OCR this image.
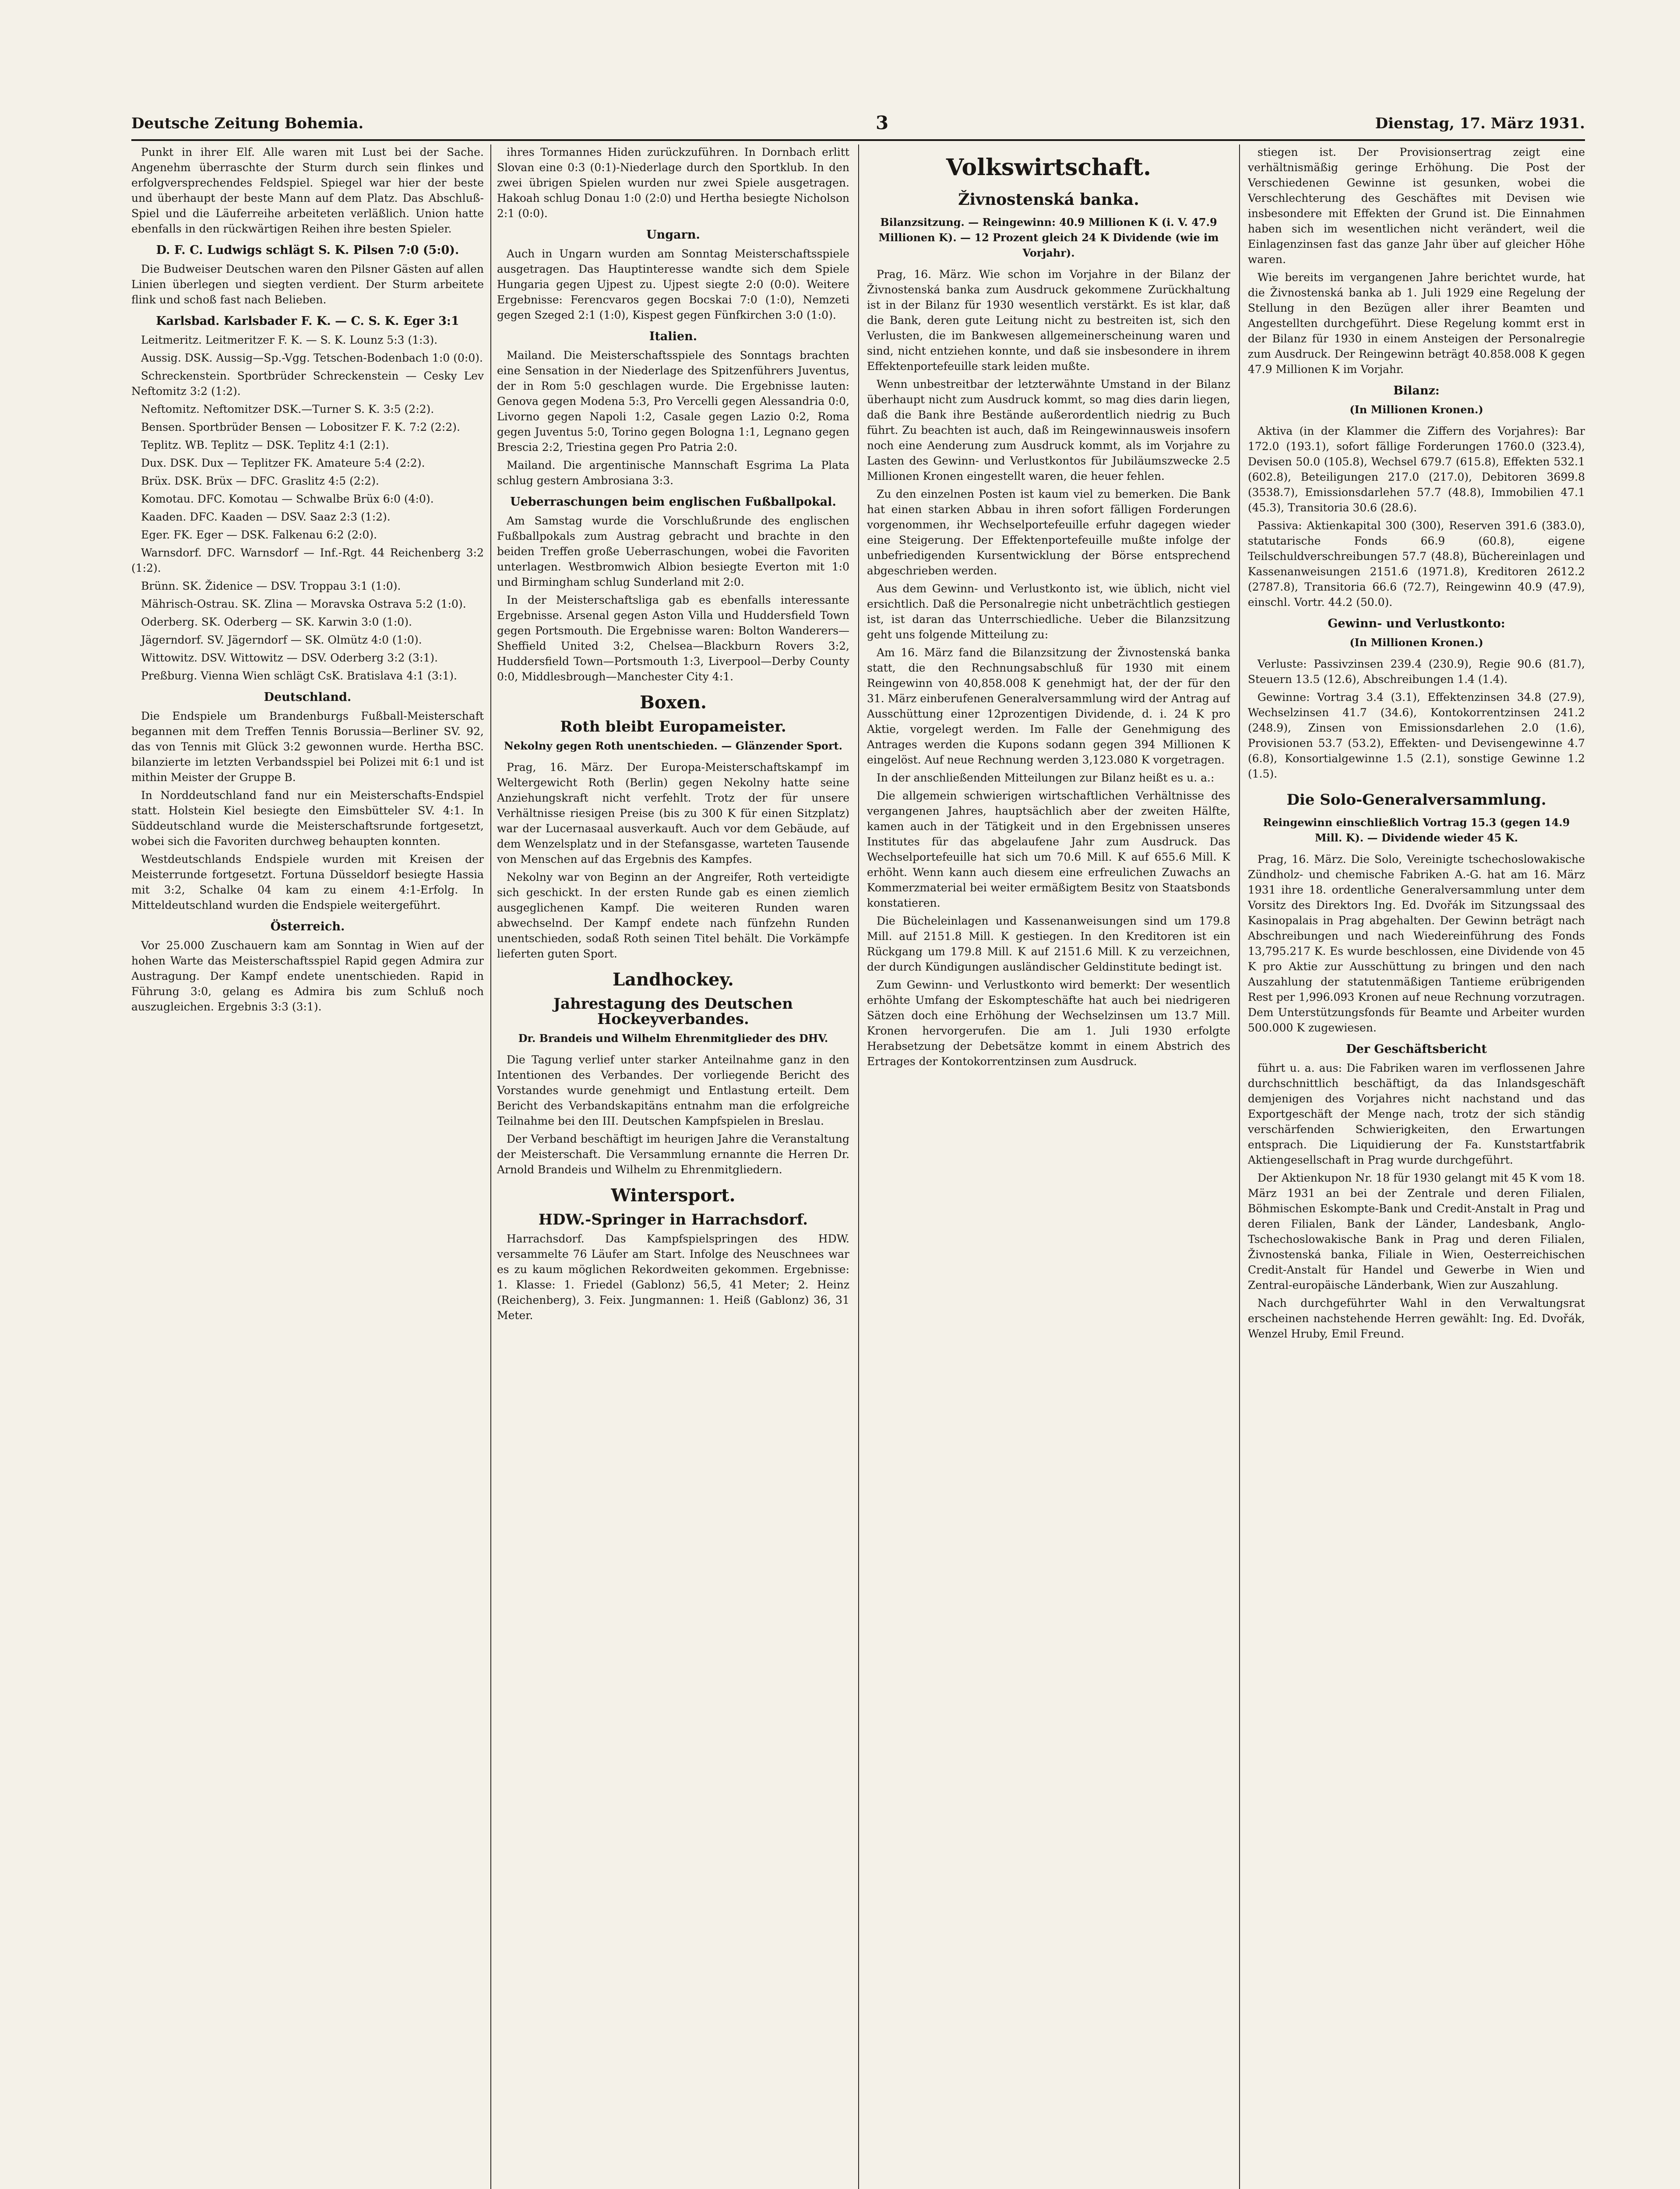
Deutsche Zeitung Bohemia.	3	Dienstag, 17. März 1931.

Punkt in ihrer Elf. Alle waren mit Lust bei der Sache. Angenehm überraschte der Sturm durch sein flinkes und erfolgversprechendes Feldspiel. Spiegel war hier der beste und überhaupt der beste Mann auf dem Platz. Das Abschluß-Spiel und die Läuferreihe arbeiteten verläßlich. Union hatte ebenfalls in den rückwärtigen Reihen ihre besten Spieler.

D. F. C. Ludwigs schlägt S. K. Pilsen 7:0 (5:0).

Die Budweiser Deutschen waren den Pilsner Gästen auf allen Linien überlegen und siegten verdient. Der Sturm arbeitete flink und schoß fast nach Belieben.

Karlsbad. Karlsbader F. K. — C. S. K. Eger 3:1

Leitmeritz. Leitmeritzer F. K. — S. K. Lounz 5:3 (1:3).

Aussig. DSK. Aussig—Sp.-Vgg. Tetschen-Bodenbach 1:0 (0:0).

Schreckenstein. Sportbrüder Schreckenstein — Cesky Lev Neftomitz 3:2 (1:2).

Neftomitz. Neftomitzer DSK.—Turner S. K. 3:5 (2:2).

Bensen. Sportbrüder Bensen — Lobositzer F. K. 7:2 (2:2).

Teplitz. WB. Teplitz — DSK. Teplitz 4:1 (2:1).

Dux. DSK. Dux — Teplitzer FK. Amateure 5:4 (2:2).

Brüx. DSK. Brüx — DFC. Graslitz 4:5 (2:2).

Komotau. DFC. Komotau — Schwalbe Brüx 6:0 (4:0).

Kaaden. DFC. Kaaden — DSV. Saaz 2:3 (1:2).

Eger. FK. Eger — DSK. Falkenau 6:2 (2:0).

Warnsdorf. DFC. Warnsdorf — Inf.-Rgt. 44 Reichenberg 3:2 (1:2).

Brünn. SK. Židenice — DSV. Troppau 3:1 (1:0).

Mährisch-Ostrau. SK. Zlina — Moravska Ostrava 5:2 (1:0).

Oderberg. SK. Oderberg — SK. Karwin 3:0 (1:0).

Jägerndorf. SV. Jägerndorf — SK. Olmütz 4:0 (1:0).

Wittowitz. DSV. Wittowitz — DSV. Oderberg 3:2 (3:1).

Preßburg. Vienna Wien schlägt CsK. Bratislava 4:1 (3:1).

Deutschland.

Die Endspiele um Brandenburgs Fußball-Meisterschaft begannen mit dem Treffen Tennis Borussia—Berliner SV. 92, das von Tennis mit Glück 3:2 gewonnen wurde. Hertha BSC. bilanzierte im letzten Verbandsspiel bei Polizei mit 6:1 und ist mithin Meister der Gruppe B.

In Norddeutschland fand nur ein Meisterschafts-Endspiel statt. Holstein Kiel besiegte den Eimsbütteler SV. 4:1. In Süddeutschland wurde die Meisterschaftsrunde fortgesetzt, wobei sich die Favoriten durchweg behaupten konnten.

Westdeutschlands Endspiele wurden mit Kreisen der Meisterrunde fortgesetzt. Fortuna Düsseldorf besiegte Hassia mit 3:2, Schalke 04 kam zu einem 4:1-Erfolg. In Mitteldeutschland wurden die Endspiele weitergeführt.

Österreich.

Vor 25.000 Zuschauern kam am Sonntag in Wien auf der hohen Warte das Meisterschaftsspiel Rapid gegen Admira zur Austragung. Der Kampf endete unentschieden. Rapid in Führung 3:0, gelang es Admira bis zum Schluß noch auszugleichen. Ergebnis 3:3 (3:1).

ihres Tormannes Hiden zurückzuführen. In Dornbach erlitt Slovan eine 0:3 (0:1)-Niederlage durch den Sportklub. In den zwei übrigen Spielen wurden nur zwei Spiele ausgetragen. Hakoah schlug Donau 1:0 (2:0) und Hertha besiegte Nicholson 2:1 (0:0).

Ungarn.

Auch in Ungarn wurden am Sonntag Meisterschaftsspiele ausgetragen. Das Hauptinteresse wandte sich dem Spiele Hungaria gegen Ujpest zu. Ujpest siegte 2:0 (0:0). Weitere Ergebnisse: Ferencvaros gegen Bocskai 7:0 (1:0), Nemzeti gegen Szeged 2:1 (1:0), Kispest gegen Fünfkirchen 3:0 (1:0).

Italien.

Mailand. Die Meisterschaftsspiele des Sonntags brachten eine Sensation in der Niederlage des Spitzenführers Juventus, der in Rom 5:0 geschlagen wurde. Die Ergebnisse lauten: Genova gegen Modena 5:3, Pro Vercelli gegen Alessandria 0:0, Livorno gegen Napoli 1:2, Casale gegen Lazio 0:2, Roma gegen Juventus 5:0, Torino gegen Bologna 1:1, Legnano gegen Brescia 2:2, Triestina gegen Pro Patria 2:0.

Mailand. Die argentinische Mannschaft Esgrima La Plata schlug gestern Ambrosiana 3:3.

Ueberraschungen beim englischen Fußballpokal.

Am Samstag wurde die Vorschlußrunde des englischen Fußballpokals zum Austrag gebracht und brachte in den beiden Treffen große Ueberraschungen, wobei die Favoriten unterlagen. Westbromwich Albion besiegte Everton mit 1:0 und Birmingham schlug Sunderland mit 2:0.

In der Meisterschaftsliga gab es ebenfalls interessante Ergebnisse. Arsenal gegen Aston Villa und Huddersfield Town gegen Portsmouth. Die Ergebnisse waren: Bolton Wanderers—Sheffield United 3:2, Chelsea—Blackburn Rovers 3:2, Huddersfield Town—Portsmouth 1:3, Liverpool—Derby County 0:0, Middlesbrough—Manchester City 4:1.

Boxen.
Roth bleibt Europameister.
Nekolny gegen Roth unentschieden. — Glänzender Sport.

Prag, 16. März. Der Europa-Meisterschaftskampf im Weltergewicht Roth (Berlin) gegen Nekolny hatte seine Anziehungskraft nicht verfehlt. Trotz der für unsere Verhältnisse riesigen Preise (bis zu 300 K für einen Sitzplatz) war der Lucernasaal ausverkauft. Auch vor dem Gebäude, auf dem Wenzelsplatz und in der Stefansgasse, warteten Tausende von Menschen auf das Ergebnis des Kampfes.

Nekolny war von Beginn an der Angreifer, Roth verteidigte sich geschickt. In der ersten Runde gab es einen ziemlich ausgeglichenen Kampf. Die weiteren Runden waren abwechselnd. Der Kampf endete nach fünfzehn Runden unentschieden, sodaß Roth seinen Titel behält. Die Vorkämpfe lieferten guten Sport.

Landhockey.
Jahrestagung des Deutschen Hockeyverbandes.
Dr. Brandeis und Wilhelm Ehrenmitglieder des DHV.

Die Tagung verlief unter starker Anteilnahme ganz in den Intentionen des Verbandes. Der vorliegende Bericht des Vorstandes wurde genehmigt und Entlastung erteilt. Dem Bericht des Verbandskapitäns entnahm man die erfolgreiche Teilnahme bei den III. Deutschen Kampfspielen in Breslau.

Der Verband beschäftigt im heurigen Jahre die Veranstaltung der Meisterschaft. Die Versammlung ernannte die Herren Dr. Arnold Brandeis und Wilhelm zu Ehrenmitgliedern.

Wintersport.
HDW.-Springer in Harrachsdorf.

Harrachsdorf. Das Kampfspielspringen des HDW. versammelte 76 Läufer am Start. Infolge des Neuschnees war es zu kaum möglichen Rekordweiten gekommen. Ergebnisse: 1. Klasse: 1. Friedel (Gablonz) 56,5, 41 Meter; 2. Heinz (Reichenberg), 3. Feix. Jungmannen: 1. Heiß (Gablonz) 36, 31 Meter.

Volkswirtschaft.
Živnostenská banka.
Bilanzsitzung. — Reingewinn: 40.9 Millionen K (i. V. 47.9 Millionen K). — 12 Prozent gleich 24 K Dividende (wie im Vorjahr).

Prag, 16. März. Wie schon im Vorjahre in der Bilanz der Živnostenská banka zum Ausdruck gekommene Zurückhaltung ist in der Bilanz für 1930 wesentlich verstärkt. Es ist klar, daß die Bank, deren gute Leitung nicht zu bestreiten ist, sich den Verlusten, die im Bankwesen allgemeinerscheinung waren und sind, nicht entziehen konnte, und daß sie insbesondere in ihrem Effektenportefeuille stark leiden mußte.

Wenn unbestreitbar der letzterwähnte Umstand in der Bilanz überhaupt nicht zum Ausdruck kommt, so mag dies darin liegen, daß die Bank ihre Bestände außerordentlich niedrig zu Buch führt. Zu beachten ist auch, daß im Reingewinnausweis insofern noch eine Aenderung zum Ausdruck kommt, als im Vorjahre zu Lasten des Gewinn- und Verlustkontos für Jubiläumszwecke 2.5 Millionen Kronen eingestellt waren, die heuer fehlen.

Zu den einzelnen Posten ist kaum viel zu bemerken. Die Bank hat einen starken Abbau in ihren sofort fälligen Forderungen vorgenommen, ihr Wechselportefeuille erfuhr dagegen wieder eine Steigerung. Der Effektenportefeuille mußte infolge der unbefriedigenden Kursentwicklung der Börse entsprechend abgeschrieben werden.

Aus dem Gewinn- und Verlustkonto ist, wie üblich, nicht viel ersichtlich. Daß die Personalregie nicht unbeträchtlich gestiegen ist, ist daran das Unterrschiedliche. Ueber die Bilanzsitzung geht uns folgende Mitteilung zu:

Am 16. März fand die Bilanzsitzung der Živnostenská banka statt, die den Rechnungsabschluß für 1930 mit einem Reingewinn von 40,858.008 K genehmigt hat, der der für den 31. März einberufenen Generalversammlung wird der Antrag auf Ausschüttung einer 12prozentigen Dividende, d. i. 24 K pro Aktie, vorgelegt werden. Im Falle der Genehmigung des Antrages werden die Kupons sodann gegen 394 Millionen K eingelöst. Auf neue Rechnung werden 3,123.080 K vorgetragen.

In der anschließenden Mitteilungen zur Bilanz heißt es u. a.:

Die allgemein schwierigen wirtschaftlichen Verhältnisse des vergangenen Jahres, hauptsächlich aber der zweiten Hälfte, kamen auch in der Tätigkeit und in den Ergebnissen unseres Institutes für das abgelaufene Jahr zum Ausdruck. Das Wechselportefeuille hat sich um 70.6 Mill. K auf 655.6 Mill. K erhöht. Wenn kann auch diesem eine erfreulichen Zuwachs an Kommerzmaterial bei weiter ermäßigtem Besitz von Staatsbonds konstatieren.

Die Bücheleinlagen und Kassenanweisungen sind um 179.8 Mill. auf 2151.8 Mill. K gestiegen. In den Kreditoren ist ein Rückgang um 179.8 Mill. K auf 2151.6 Mill. K zu verzeichnen, der durch Kündigungen ausländischer Geldinstitute bedingt ist.

Zum Gewinn- und Verlustkonto wird bemerkt: Der wesentlich erhöhte Umfang der Eskompteschäfte hat auch bei niedrigeren Sätzen doch eine Erhöhung der Wechselzinsen um 13.7 Mill. Kronen hervorgerufen. Die am 1. Juli 1930 erfolgte Herabsetzung der Debetsätze kommt in einem Abstrich des Ertrages der Kontokorrentzinsen zum Ausdruck.

stiegen ist. Der Provisionsertrag zeigt eine verhältnismäßig geringe Erhöhung. Die Post der Verschiedenen Gewinne ist gesunken, wobei die Verschlechterung des Geschäftes mit Devisen wie insbesondere mit Effekten der Grund ist. Die Einnahmen haben sich im wesentlichen nicht verändert, weil die Einlagenzinsen fast das ganze Jahr über auf gleicher Höhe waren.

Wie bereits im vergangenen Jahre berichtet wurde, hat die Živnostenská banka ab 1. Juli 1929 eine Regelung der Stellung in den Bezügen aller ihrer Beamten und Angestellten durchgeführt. Diese Regelung kommt erst in der Bilanz für 1930 in einem Ansteigen der Personalregie zum Ausdruck. Der Reingewinn beträgt 40.858.008 K gegen 47.9 Millionen K im Vorjahr.

Bilanz:
(In Millionen Kronen.)

Aktiva (in der Klammer die Ziffern des Vorjahres): Bar 172.0 (193.1), sofort fällige Forderungen 1760.0 (323.4), Devisen 50.0 (105.8), Wechsel 679.7 (615.8), Effekten 532.1 (602.8), Beteiligungen 217.0 (217.0), Debitoren 3699.8 (3538.7), Emissionsdarlehen 57.7 (48.8), Immobilien 47.1 (45.3), Transitoria 30.6 (28.6).

Passiva: Aktienkapital 300 (300), Reserven 391.6 (383.0), statutarische Fonds 66.9 (60.8), eigene Teilschuldverschreibungen 57.7 (48.8), Büchereinlagen und Kassenanweisungen 2151.6 (1971.8), Kreditoren 2612.2 (2787.8), Transitoria 66.6 (72.7), Reingewinn 40.9 (47.9), einschl. Vortr. 44.2 (50.0).

Gewinn- und Verlustkonto:
(In Millionen Kronen.)

Verluste: Passivzinsen 239.4 (230.9), Regie 90.6 (81.7), Steuern 13.5 (12.6), Abschreibungen 1.4 (1.4).

Gewinne: Vortrag 3.4 (3.1), Effektenzinsen 34.8 (27.9), Wechselzinsen 41.7 (34.6), Kontokorrentzinsen 241.2 (248.9), Zinsen von Emissionsdarlehen 2.0 (1.6), Provisionen 53.7 (53.2), Effekten- und Devisengewinne 4.7 (6.8), Konsortialgewinne 1.5 (2.1), sonstige Gewinne 1.2 (1.5).

Die Solo-Generalversammlung.
Reingewinn einschließlich Vortrag 15.3 (gegen 14.9 Mill. K). — Dividende wieder 45 K.

Prag, 16. März. Die Solo, Vereinigte tschechoslowakische Zündholz- und chemische Fabriken A.-G. hat am 16. März 1931 ihre 18. ordentliche Generalversammlung unter dem Vorsitz des Direktors Ing. Ed. Dvořák im Sitzungssaal des Kasinopalais in Prag abgehalten. Der Gewinn beträgt nach Abschreibungen und nach Wiedereinführung des Fonds 13,795.217 K. Es wurde beschlossen, eine Dividende von 45 K pro Aktie zur Ausschüttung zu bringen und den nach Auszahlung der statutenmäßigen Tantieme erübrigenden Rest per 1,996.093 Kronen auf neue Rechnung vorzutragen. Dem Unterstützungsfonds für Beamte und Arbeiter wurden 500.000 K zugewiesen.

Der Geschäftsbericht

führt u. a. aus: Die Fabriken waren im verflossenen Jahre durchschnittlich beschäftigt, da das Inlandsgeschäft demjenigen des Vorjahres nicht nachstand und das Exportgeschäft der Menge nach, trotz der sich ständig verschärfenden Schwierigkeiten, den Erwartungen entsprach. Die Liquidierung der Fa. Kunststartfabrik Aktiengesellschaft in Prag wurde durchgeführt.

Der Aktienkupon Nr. 18 für 1930 gelangt mit 45 K vom 18. März 1931 an bei der Zentrale und deren Filialen, Böhmischen Eskompte-Bank und Credit-Anstalt in Prag und deren Filialen, Bank der Länder, Landesbank, Anglo-Tschechoslowakische Bank in Prag und deren Filialen, Živnostenská banka, Filiale in Wien, Oesterreichischen Credit-Anstalt für Handel und Gewerbe in Wien und Zentral-europäische Länderbank, Wien zur Auszahlung.

Nach durchgeführter Wahl in den Verwaltungsrat erscheinen nachstehende Herren gewählt: Ing. Ed. Dvořák, Wenzel Hruby, Emil Freund.
